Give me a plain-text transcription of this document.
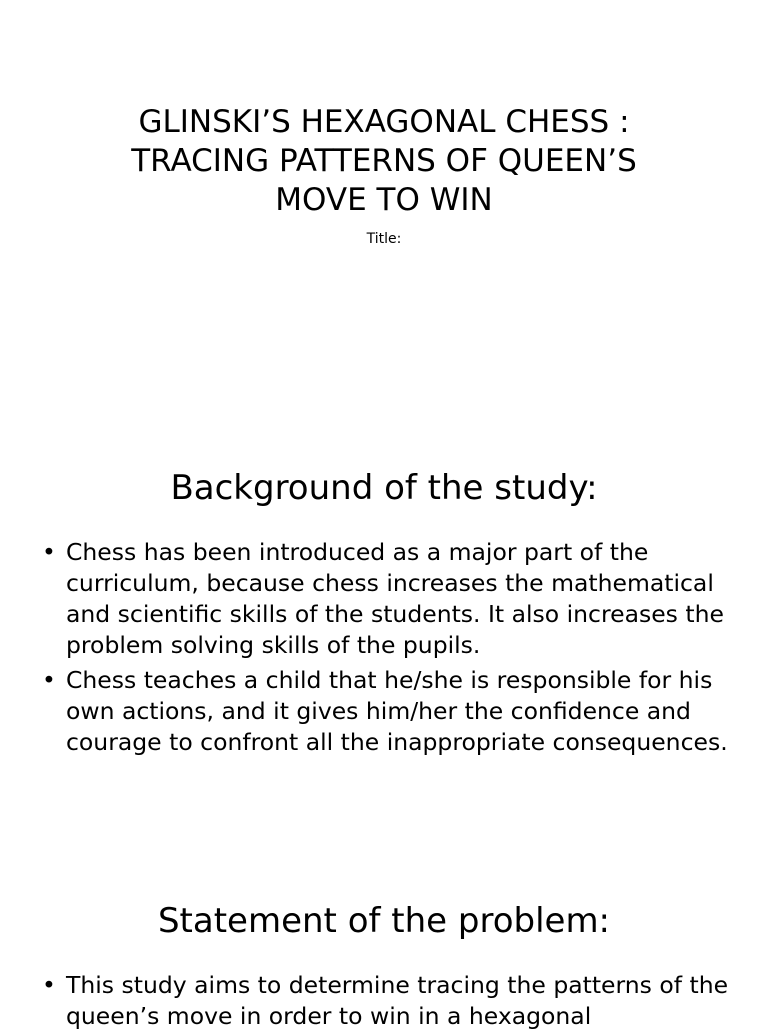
GLINSKI’S HEXAGONAL CHESS :
TRACING PATTERNS OF QUEEN’S
MOVE TO WIN
Title:
Background of the study:
• Chess has been introduced as a major part of the curriculum, because chess increases the mathematical and scientific skills of the students. It also increases the problem solving skills of the pupils.
• Chess teaches a child that he/she is responsible for his own actions, and it gives him/her the confidence and courage to confront all the inappropriate consequences.
Statement of the problem:
• This study aims to determine tracing the patterns of the queen’s move in order to win in a hexagonal
